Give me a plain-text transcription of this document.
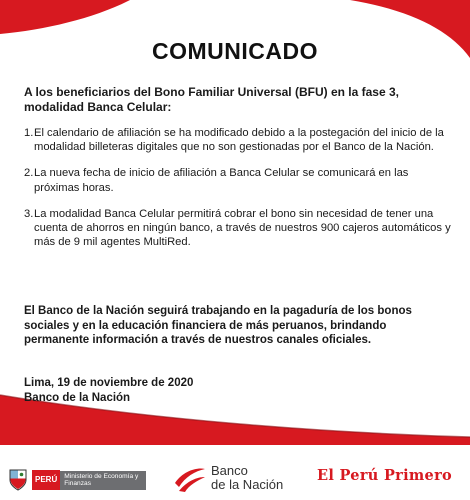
COMUNICADO
A los beneficiarios del Bono Familiar Universal (BFU) en la fase 3, modalidad Banca Celular:
1. El calendario de afiliación se ha modificado debido a la postegación del inicio de la modalidad billeteras digitales que no son gestionadas por el Banco de la Nación.
2. La nueva fecha de inicio de afiliación a Banca Celular se comunicará en las próximas horas.
3. La modalidad Banca Celular permitirá cobrar el bono sin necesidad de tener una cuenta de ahorros en ningún banco, a través de nuestros 900 cajeros automáticos y más de 9 mil agentes MultiRed.
El Banco de la Nación seguirá trabajando en la pagaduría de los bonos sociales y en la educación financiera de más peruanos, brindando permanente información a través de nuestros canales oficiales.
Lima, 19 de noviembre de 2020
Banco de la Nación
PERÚ	Ministerio de Economía y Finanzas
Banco
de la Nación
El Perú Primero
